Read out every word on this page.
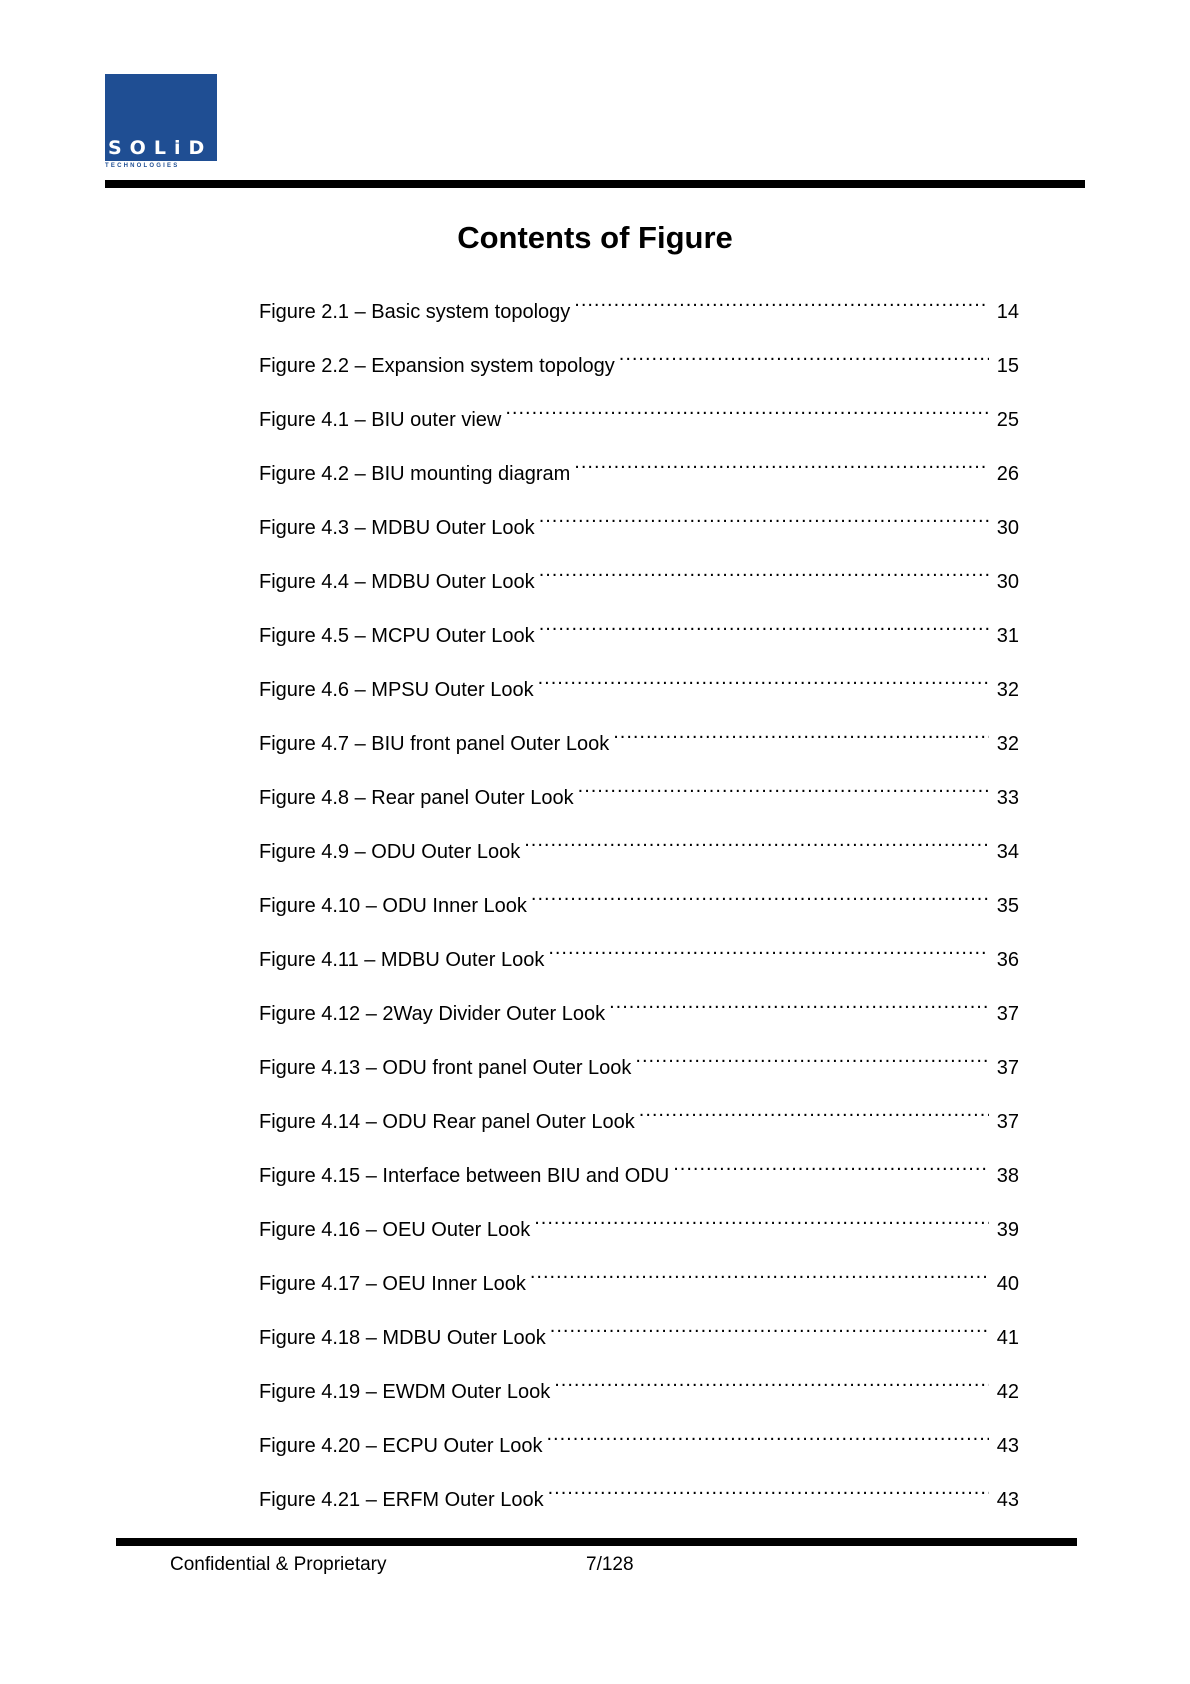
SOLiD
TECHNOLOGIES
Contents of Figure
Figure 2.1 – Basic system topology .....	14
Figure 2.2 – Expansion system topology .....	15
Figure 4.1 – BIU outer view .....	25
Figure 4.2 – BIU mounting diagram .....	26
Figure 4.3 – MDBU Outer Look .....	30
Figure 4.4 – MDBU Outer Look .....	30
Figure 4.5 – MCPU Outer Look .....	31
Figure 4.6 – MPSU Outer Look .....	32
Figure 4.7 – BIU front panel Outer Look .....	32
Figure 4.8 – Rear panel Outer Look .....	33
Figure 4.9 – ODU Outer Look .....	34
Figure 4.10 – ODU Inner Look .....	35
Figure 4.11 – MDBU Outer Look .....	36
Figure 4.12 – 2Way Divider Outer Look .....	37
Figure 4.13 – ODU front panel Outer Look .....	37
Figure 4.14 – ODU Rear panel Outer Look .....	37
Figure 4.15 – Interface between BIU and ODU .....	38
Figure 4.16 – OEU Outer Look .....	39
Figure 4.17 – OEU Inner Look .....	40
Figure 4.18 – MDBU Outer Look .....	41
Figure 4.19 – EWDM Outer Look .....	42
Figure 4.20 – ECPU Outer Look .....	43
Figure 4.21 – ERFM Outer Look .....	43
Confidential & Proprietary	7/128
